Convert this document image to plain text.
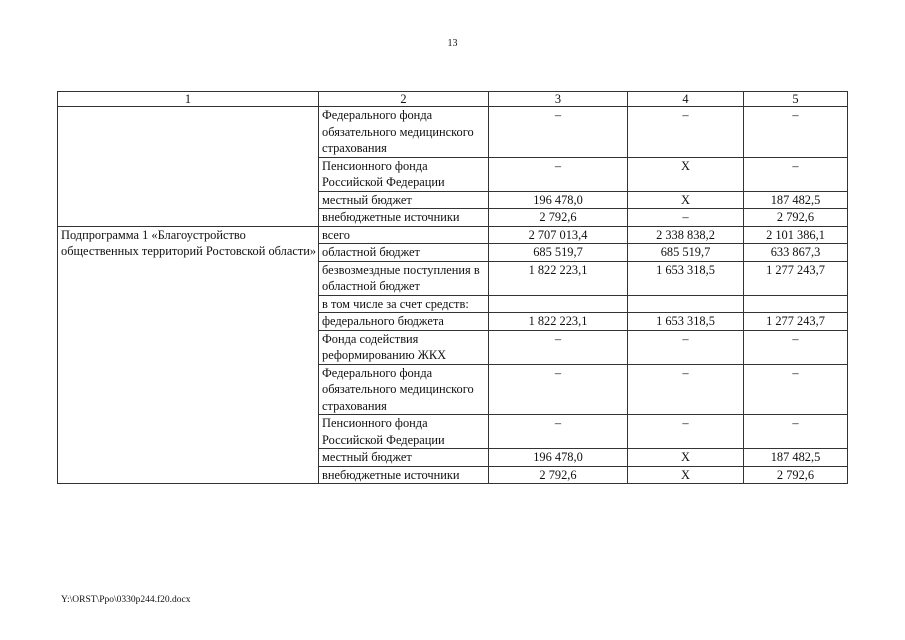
13
1	2	3	4	5
	Федерального фонда обязательного медицинского страхования	–	–	–
	Пенсионного фонда Российской Федерации	–	Х	–
	местный бюджет	196 478,0	Х	187 482,5
	внебюджетные источники	2 792,6	–	2 792,6
Подпрограмма 1 «Благоустройство общественных территорий Ростовской области»	всего	2 707 013,4	2 338 838,2	2 101 386,1
	областной бюджет	685 519,7	685 519,7	633 867,3
	безвозмездные поступления в областной бюджет	1 822 223,1	1 653 318,5	1 277 243,7
	в том числе за счет средств:			
	федерального бюджета	1 822 223,1	1 653 318,5	1 277 243,7
	Фонда содействия реформированию ЖКХ	–	–	–
	Федерального фонда обязательного медицинского страхования	–	–	–
	Пенсионного фонда Российской Федерации	–	–	–
	местный бюджет	196 478,0	Х	187 482,5
	внебюджетные источники	2 792,6	Х	2 792,6
Y:\ORST\Ppo\0330p244.f20.docx
